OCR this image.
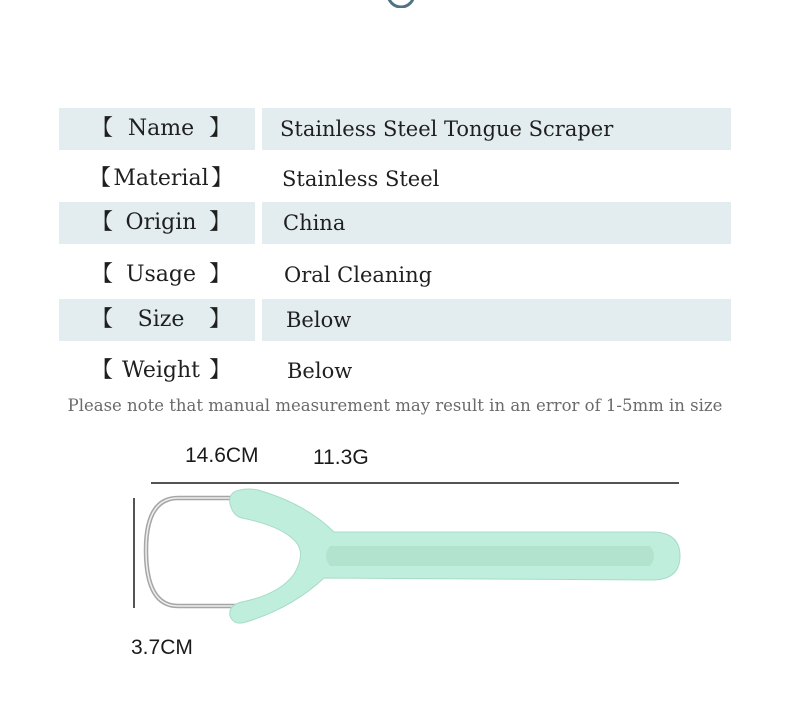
【 Name 】 Stainless Steel Tongue Scraper
【 Material 】 Stainless Steel
【 Origin 】 China
【 Usage 】	Oral Cleaning
【	Size	】	Below
【 Weight 】	Below
Please note that manual measurement may result in an error of 1-5mm in size
14.6CM	11.3G
3.7CM
